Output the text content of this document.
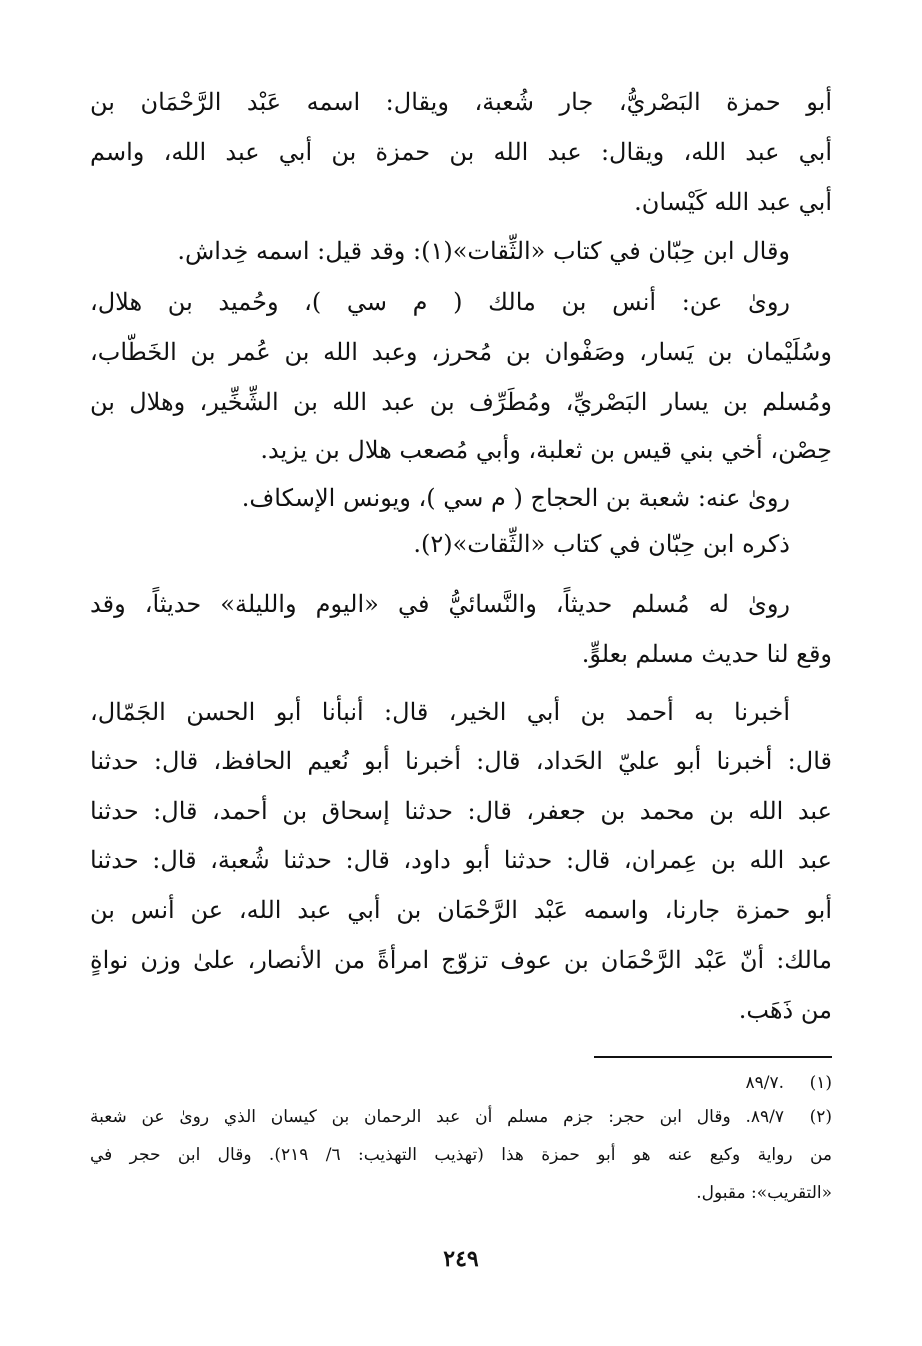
أبو حمزة البَصْريُّ، جار شُعبة، ويقال: اسمه عَبْد الرَّحْمَان بن
أبي عبد الله، ويقال: عبد الله بن حمزة بن أبي عبد الله، واسم
أبي عبد الله كَيْسان.
وقال ابن حِبّان في كتاب «الثِّقات»(١): وقد قيل: اسمه خِداش.
روىٰ عن: أنس بن مالك ( م سي )، وحُميد بن هلال،
وسُلَيْمان بن يَسار، وصَفْوان بن مُحرز، وعبد الله بن عُمر بن الخَطّاب،
ومُسلم بن يسار البَصْريِّ، ومُطَرِّف بن عبد الله بن الشِّخِّير، وهلال بن
حِصْن، أخي بني قيس بن ثعلبة، وأبي مُصعب هلال بن يزيد.
روىٰ عنه: شعبة بن الحجاج ( م سي )، ويونس الإسكاف.
ذكره ابن حِبّان في كتاب «الثِّقات»(٢).
روىٰ له مُسلم حديثاً، والنَّسائيُّ في «اليوم والليلة» حديثاً، وقد
وقع لنا حديث مسلم بعلوٍّ.
أخبرنا به أحمد بن أبي الخير، قال: أنبأنا أبو الحسن الجَمّال،
قال: أخبرنا أبو عليّ الحَداد، قال: أخبرنا أبو نُعيم الحافظ، قال: حدثنا
عبد الله بن محمد بن جعفر، قال: حدثنا إسحاق بن أحمد، قال: حدثنا
عبد الله بن عِمران، قال: حدثنا أبو داود، قال: حدثنا شُعبة، قال: حدثنا
أبو حمزة جارنا، واسمه عَبْد الرَّحْمَان بن أبي عبد الله، عن أنس بن
مالك: أنّ عَبْد الرَّحْمَان بن عوف تزوّج امرأةً من الأنصار، علىٰ وزن نواةٍ
من ذَهَب.
(١).٨٩/٧
(٢)٨٩/٧. وقال ابن حجر: جزم مسلم أن عبد الرحمان بن كيسان الذي روىٰ عن شعبة
من رواية وكيع عنه هو أبو حمزة هذا (تهذيب التهذيب: ٦/ ٢١٩). وقال ابن حجر في
«التقريب»: مقبول.
٢٤٩
